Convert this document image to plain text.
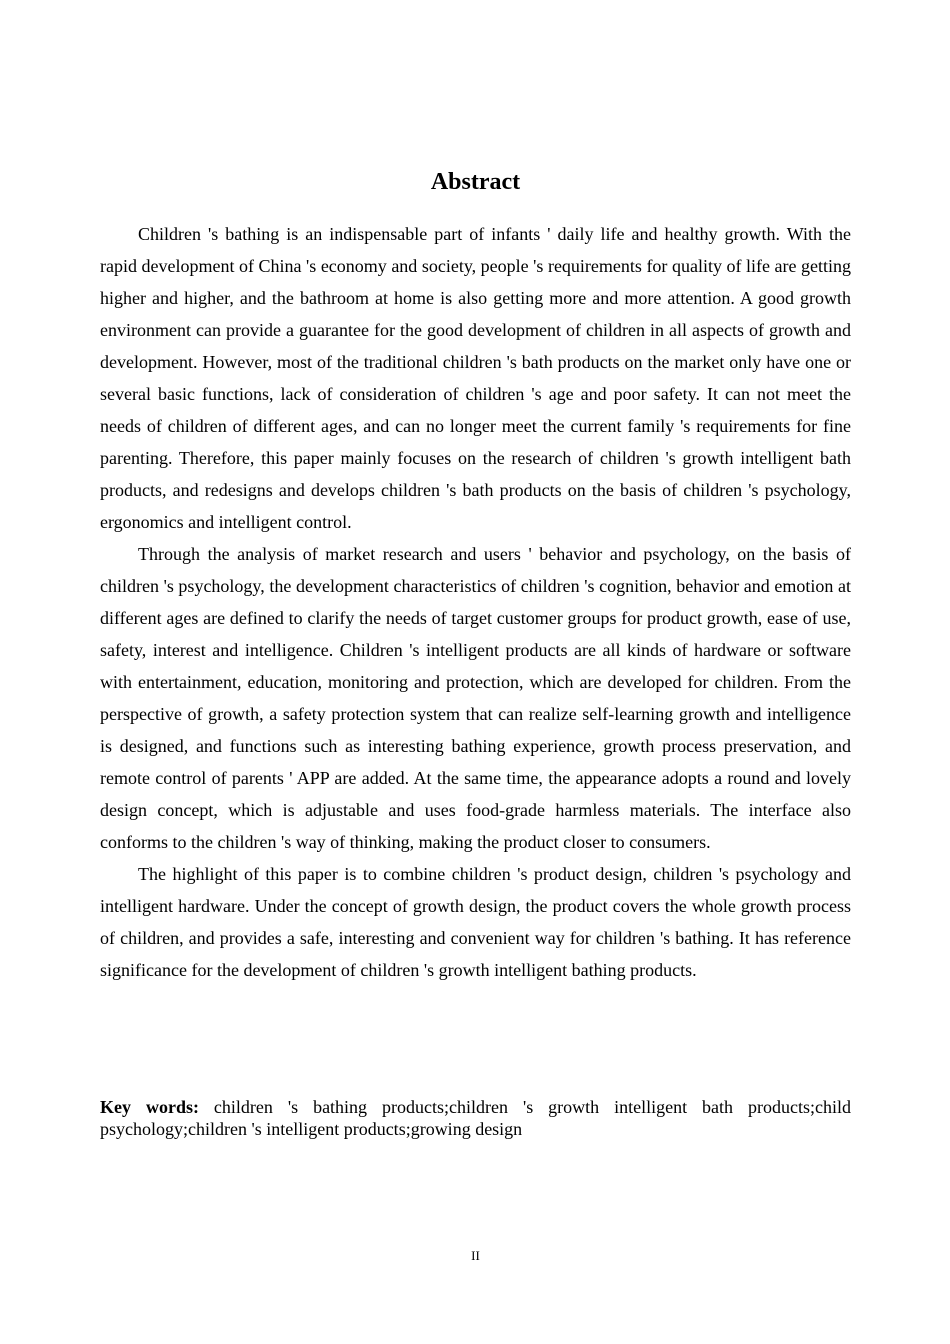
Abstract

Children 's bathing is an indispensable part of infants ' daily life and healthy growth. With the rapid development of China 's economy and society, people 's requirements for quality of life are getting higher and higher, and the bathroom at home is also getting more and more attention. A good growth environment can provide a guarantee for the good development of children in all aspects of growth and development. However, most of the traditional children 's bath products on the market only have one or several basic functions, lack of consideration of children 's age and poor safety. It can not meet the needs of children of different ages, and can no longer meet the current family 's requirements for fine parenting. Therefore, this paper mainly focuses on the research of children 's growth intelligent bath products, and redesigns and develops children 's bath products on the basis of children 's psychology, ergonomics and intelligent control.

Through the analysis of market research and users ' behavior and psychology, on the basis of children 's psychology, the development characteristics of children 's cognition, behavior and emotion at different ages are defined to clarify the needs of target customer groups for product growth, ease of use, safety, interest and intelligence. Children 's intelligent products are all kinds of hardware or software with entertainment, education, monitoring and protection, which are developed for children. From the perspective of growth, a safety protection system that can realize self-learning growth and intelligence is designed, and functions such as interesting bathing experience, growth process preservation, and remote control of parents ' APP are added. At the same time, the appearance adopts a round and lovely design concept, which is adjustable and uses food-grade harmless materials. The interface also conforms to the children 's way of thinking, making the product closer to consumers.

The highlight of this paper is to combine children 's product design, children 's psychology and intelligent hardware. Under the concept of growth design, the product covers the whole growth process of children, and provides a safe, interesting and convenient way for children 's bathing. It has reference significance for the development of children 's growth intelligent bathing products.

Key words: children 's bathing products;children 's growth intelligent bath products;child psychology;children 's intelligent products;growing design

II
